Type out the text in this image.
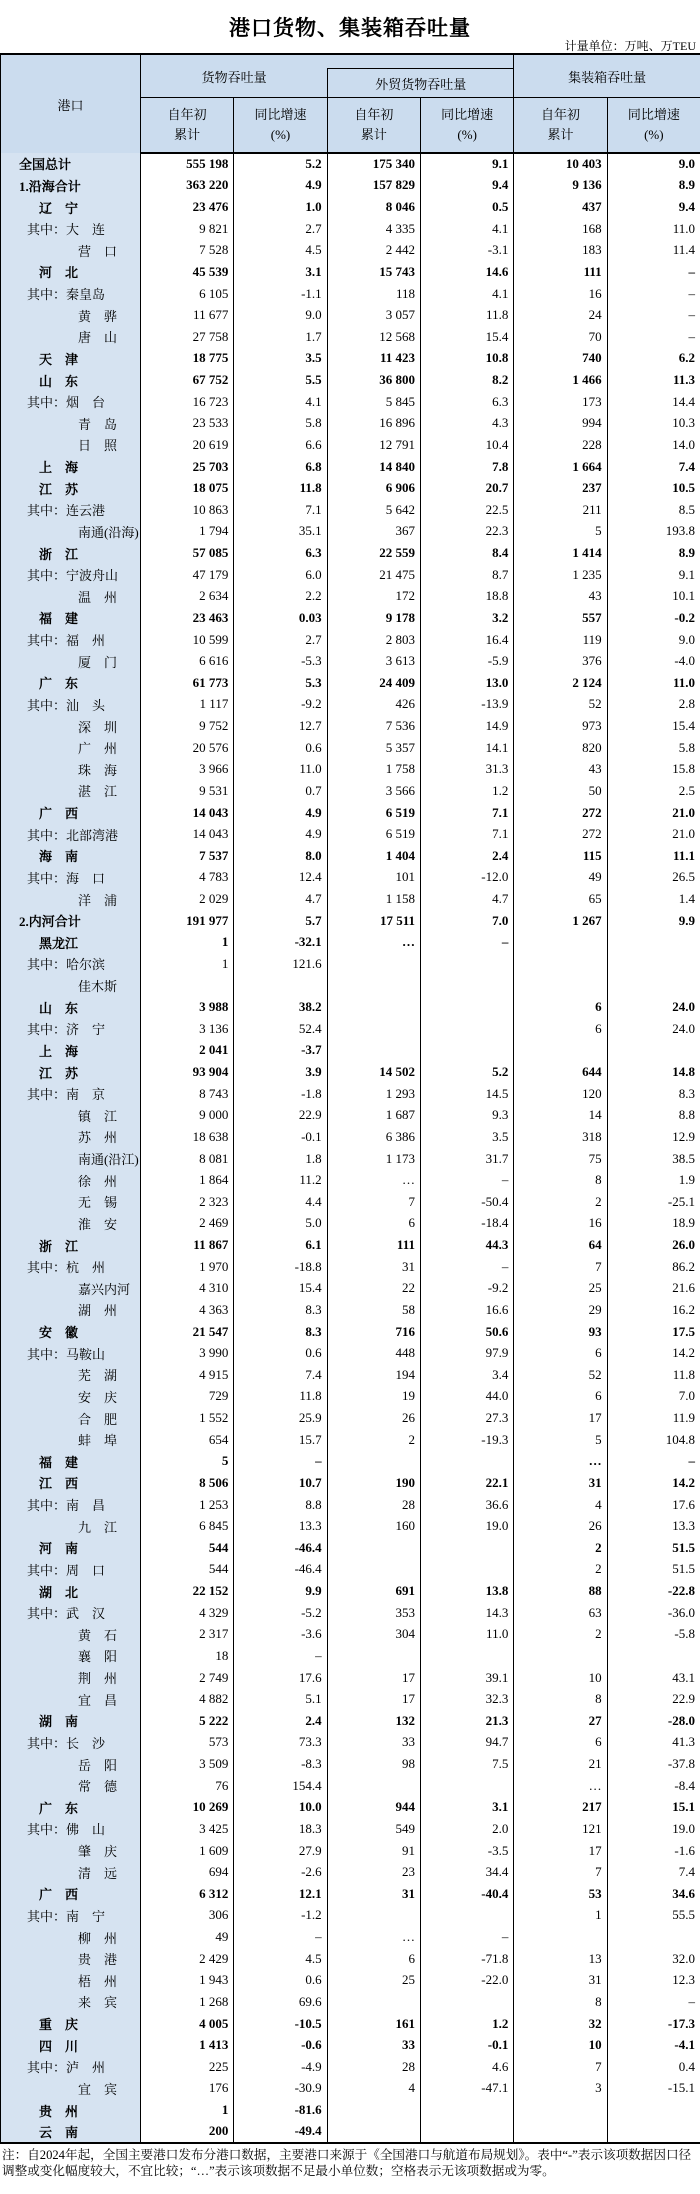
港口货物、集装箱吞吐量
计量单位：万吨、万TEU
港口	货物吞吐量		外贸货物吞吐量		集装箱吞吐量	

自年初
累计

同比增速
(%)

自年初
累计

同比增速
(%)

自年初
累计

同比增速
(%)

全国总计	555 198	5.2	175 340	9.1	10 403	9.0
1.沿海合计	363 220	4.9	157 829	9.4	9 136	8.9
辽　宁	23 476	1.0	8 046	0.5	437	9.4
其中：大　连	9 821	2.7	4 335	4.1	168	11.0
营　口	7 528	4.5	2 442	-3.1	183	11.4
河　北	45 539	3.1	15 743	14.6	111	–
其中：秦皇岛	6 105	-1.1	118	4.1	16	–
黄　骅	11 677	9.0	3 057	11.8	24	–
唐　山	27 758	1.7	12 568	15.4	70	–
天　津	18 775	3.5	11 423	10.8	740	6.2
山　东	67 752	5.5	36 800	8.2	1 466	11.3
其中：烟　台	16 723	4.1	5 845	6.3	173	14.4
青　岛	23 533	5.8	16 896	4.3	994	10.3
日　照	20 619	6.6	12 791	10.4	228	14.0
上　海	25 703	6.8	14 840	7.8	1 664	7.4
江　苏	18 075	11.8	6 906	20.7	237	10.5
其中：连云港	10 863	7.1	5 642	22.5	211	8.5
南通(沿海)	1 794	35.1	367	22.3	5	193.8
浙　江	57 085	6.3	22 559	8.4	1 414	8.9
其中：宁波舟山	47 179	6.0	21 475	8.7	1 235	9.1
温　州	2 634	2.2	172	18.8	43	10.1
福　建	23 463	0.03	9 178	3.2	557	-0.2
其中：福　州	10 599	2.7	2 803	16.4	119	9.0
厦　门	6 616	-5.3	3 613	-5.9	376	-4.0
广　东	61 773	5.3	24 409	13.0	2 124	11.0
其中：汕　头	1 117	-9.2	426	-13.9	52	2.8
深　圳	9 752	12.7	7 536	14.9	973	15.4
广　州	20 576	0.6	5 357	14.1	820	5.8
珠　海	3 966	11.0	1 758	31.3	43	15.8
湛　江	9 531	0.7	3 566	1.2	50	2.5
广　西	14 043	4.9	6 519	7.1	272	21.0
其中：北部湾港	14 043	4.9	6 519	7.1	272	21.0
海　南	7 537	8.0	1 404	2.4	115	11.1
其中：海　口	4 783	12.4	101	-12.0	49	26.5
洋　浦	2 029	4.7	1 158	4.7	65	1.4
2.内河合计	191 977	5.7	17 511	7.0	1 267	9.9
黑龙江	1	-32.1	…	–		
其中：哈尔滨	1	121.6				
佳木斯						
山　东	3 988	38.2			6	24.0
其中：济　宁	3 136	52.4			6	24.0
上　海	2 041	-3.7				
江　苏	93 904	3.9	14 502	5.2	644	14.8
其中：南　京	8 743	-1.8	1 293	14.5	120	8.3
镇　江	9 000	22.9	1 687	9.3	14	8.8
苏　州	18 638	-0.1	6 386	3.5	318	12.9
南通(沿江)	8 081	1.8	1 173	31.7	75	38.5
徐　州	1 864	11.2	…	–	8	1.9
无　锡	2 323	4.4	7	-50.4	2	-25.1
淮　安	2 469	5.0	6	-18.4	16	18.9
浙　江	11 867	6.1	111	44.3	64	26.0
其中：杭　州	1 970	-18.8	31	–	7	86.2
嘉兴内河	4 310	15.4	22	-9.2	25	21.6
湖　州	4 363	8.3	58	16.6	29	16.2
安　徽	21 547	8.3	716	50.6	93	17.5
其中：马鞍山	3 990	0.6	448	97.9	6	14.2
芜　湖	4 915	7.4	194	3.4	52	11.8
安　庆	729	11.8	19	44.0	6	7.0
合　肥	1 552	25.9	26	27.3	17	11.9
蚌　埠	654	15.7	2	-19.3	5	104.8
福　建	5	–			…	–
江　西	8 506	10.7	190	22.1	31	14.2
其中：南　昌	1 253	8.8	28	36.6	4	17.6
九　江	6 845	13.3	160	19.0	26	13.3
河　南	544	-46.4			2	51.5
其中：周　口	544	-46.4			2	51.5
湖　北	22 152	9.9	691	13.8	88	-22.8
其中：武　汉	4 329	-5.2	353	14.3	63	-36.0
黄　石	2 317	-3.6	304	11.0	2	-5.8
襄　阳	18	–				
荆　州	2 749	17.6	17	39.1	10	43.1
宜　昌	4 882	5.1	17	32.3	8	22.9
湖　南	5 222	2.4	132	21.3	27	-28.0
其中：长　沙	573	73.3	33	94.7	6	41.3
岳　阳	3 509	-8.3	98	7.5	21	-37.8
常　德	76	154.4			…	-8.4
广　东	10 269	10.0	944	3.1	217	15.1
其中：佛　山	3 425	18.3	549	2.0	121	19.0
肇　庆	1 609	27.9	91	-3.5	17	-1.6
清　远	694	-2.6	23	34.4	7	7.4
广　西	6 312	12.1	31	-40.4	53	34.6
其中：南　宁	306	-1.2			1	55.5
柳　州	49	–	…	–		
贵　港	2 429	4.5	6	-71.8	13	32.0
梧　州	1 943	0.6	25	-22.0	31	12.3
来　宾	1 268	69.6			8	–
重　庆	4 005	-10.5	161	1.2	32	-17.3
四　川	1 413	-0.6	33	-0.1	10	-4.1
其中：泸　州	225	-4.9	28	4.6	7	0.4
宜　宾	176	-30.9	4	-47.1	3	-15.1
贵　州	1	-81.6				
云　南	200	-49.4				
注：自2024年起，全国主要港口发布分港口数据，主要港口来源于《全国港口与航道布局规划》。表中“-”表示该项数据因口径调整或变化幅度较大，不宜比较；“…”表示该项数据不足最小单位数；空格表示无该项数据或为零。
